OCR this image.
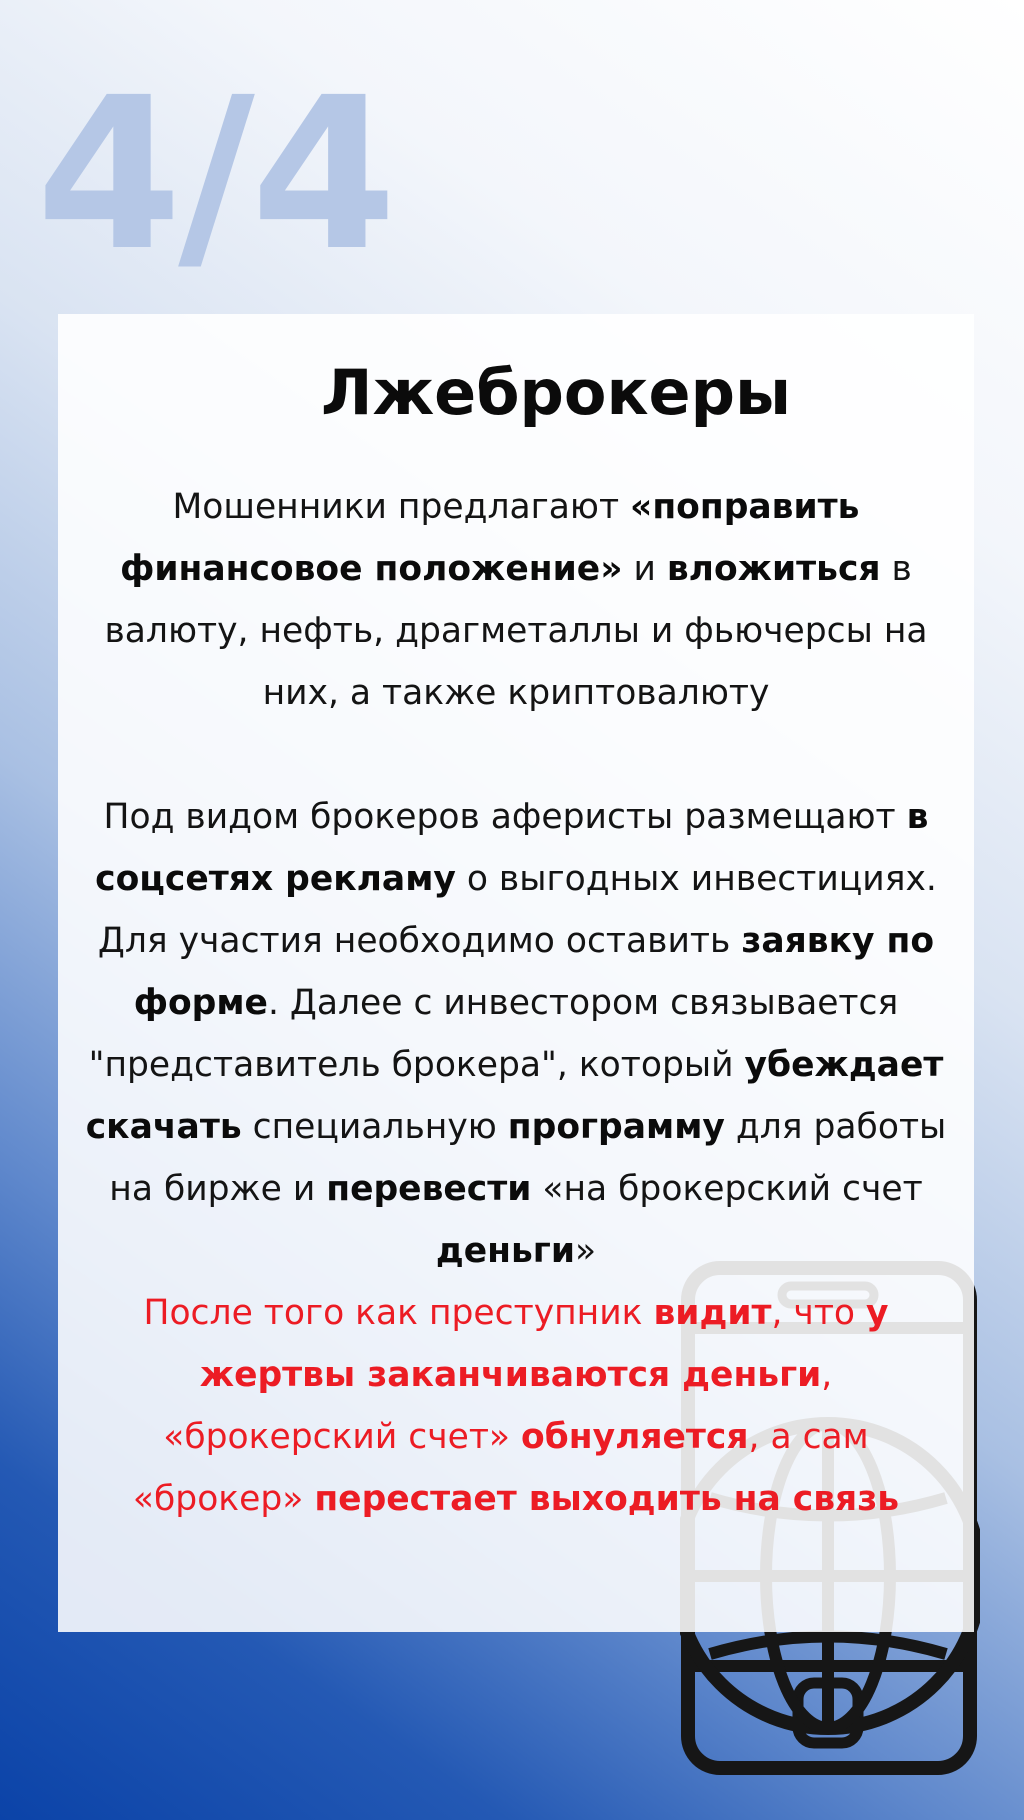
4/4
Лжеброкеры

Мошенники предлагают «поправить финансовое положение» и вложиться в валюту, нефть, драгметаллы и фьючерсы на них, а также криптовалюту

Под видом брокеров аферисты размещают в соцсетях рекламу о выгодных инвестициях. Для участия необходимо оставить заявку по форме. Далее с инвестором связывается "представитель брокера", который убеждает скачать специальную программу для работы на бирже и перевести «на брокерский счет деньги»

После того как преступник видит, что у жертвы заканчиваются деньги, «брокерский счет» обнуляется, а сам «брокер» перестает выходить на связь
